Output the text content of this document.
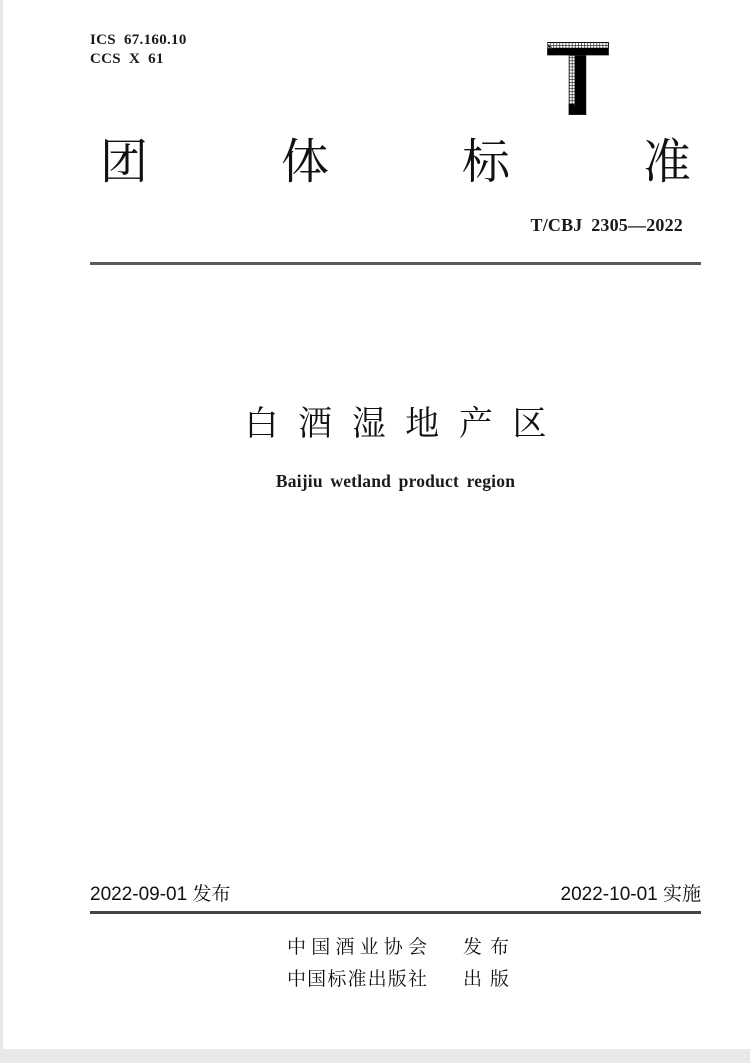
ICS 67.160.10
CCS X 61
团	体	标	准
T/CBJ 2305—2022
白 酒 湿 地 产 区
Baijiu wetland product region
2022-09-01 发布	2022-10-01 实施
中 国 酒 业 协 会 发 布
中 国 标 准 出 版 社 出 版
